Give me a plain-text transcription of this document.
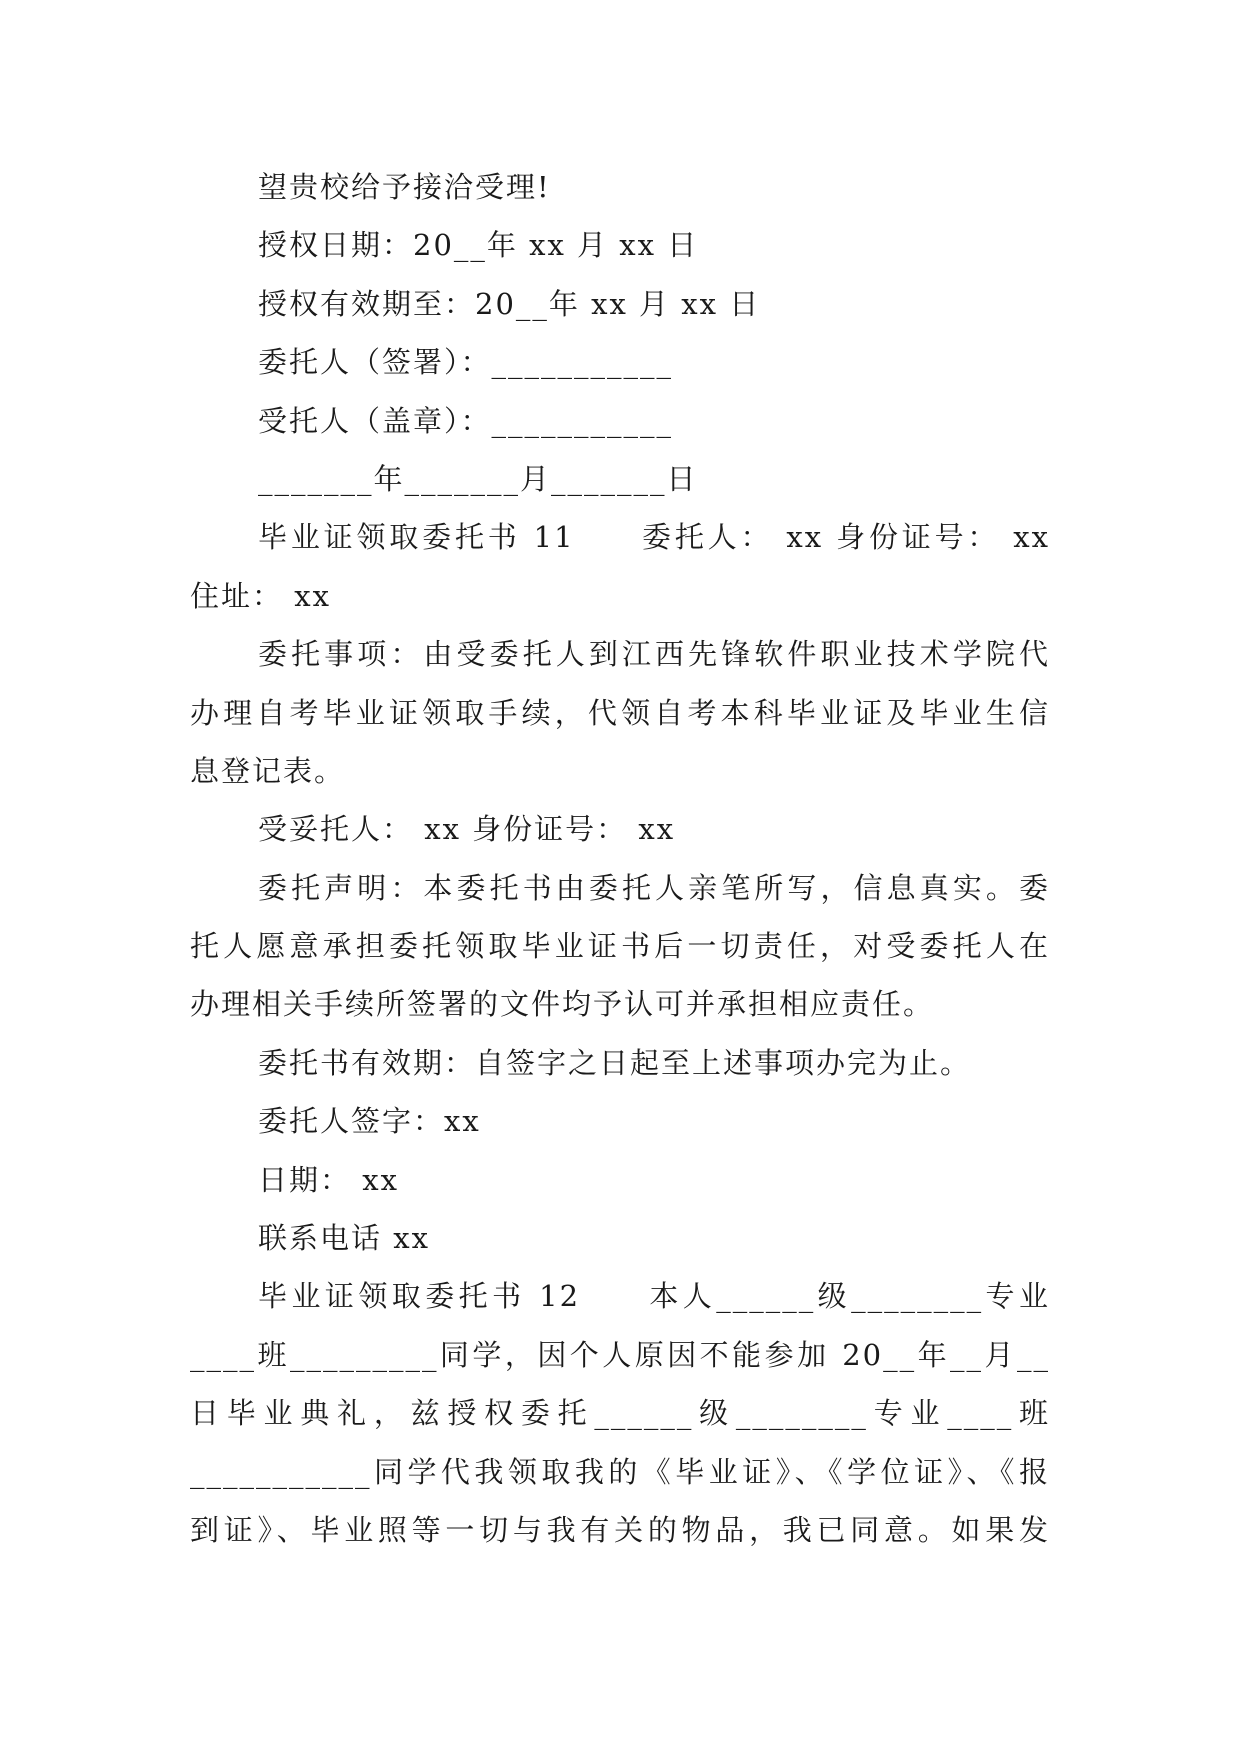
望贵校给予接洽受理!

授权日期：20__年 xx 月 xx 日

授权有效期至：20__年 xx 月 xx 日

委托人（签署）：___________

受托人（盖章）：___________

_______年_______月_______日

毕业证领取委托书 11　　委托人： xx 身份证号： xx

住址： xx

委托事项：由受委托人到江西先锋软件职业技术学院代

办理自考毕业证领取手续，代领自考本科毕业证及毕业生信

息登记表。

受妥托人： xx 身份证号： xx

委托声明：本委托书由委托人亲笔所写，信息真实。委

托人愿意承担委托领取毕业证书后一切责任，对受委托人在

办理相关手续所签署的文件均予认可并承担相应责任。

委托书有效期：自签字之日起至上述事项办完为止。

委托人签字：xx

日期： xx

联系电话 xx

毕业证领取委托书 12　　本人______级________专业

____班_________同学，因个人原因不能参加 20__年__月__

日毕业典礼，兹授权委托______级________专业____班

___________同学代我领取我的《毕业证》、《学位证》、《报

到证》、毕业照等一切与我有关的物品，我已同意。如果发
